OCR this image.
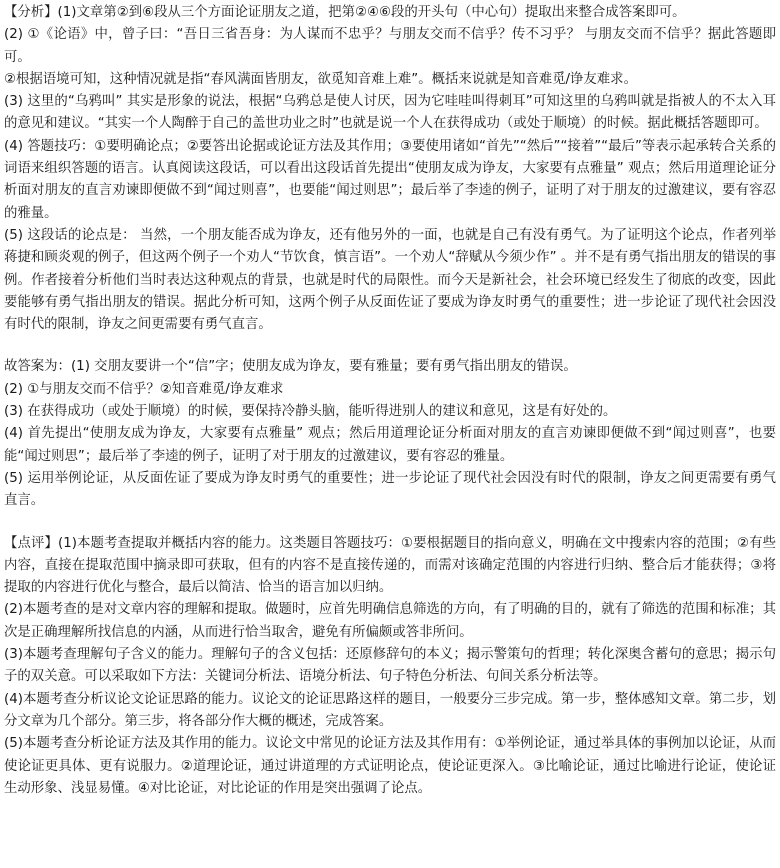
【分析】(1)文章第②到⑥段从三个方面论证朋友之道，把第②④⑥段的开头句（中心句）提取出来整合成答案即可。

(2) ①《论语》中，曾子曰：“吾日三省吾身：为人谋而不忠乎？与朋友交而不信乎？传不习乎？ 与朋友交而不信乎？据此答题即可。

②根据语境可知，这种情况就是指“春风满面皆朋友，欲觅知音难上难”。概括来说就是知音难觅/诤友难求。

(3) 这里的“乌鸦叫” 其实是形象的说法，根据“乌鸦总是使人讨厌，因为它哇哇叫得刺耳”可知这里的乌鸦叫就是指被人的不太入耳的意见和建议。“其实一个人陶醉于自己的盖世功业之时”也就是说一个人在获得成功（或处于顺境）的时候。据此概括答题即可。

(4) 答题技巧：①要明确论点；②要答出论据或论证方法及其作用；③要使用诸如“首先”“然后”“接着”“最后”等表示起承转合关系的词语来组织答题的语言。认真阅读这段话，可以看出这段话首先提出“使朋友成为诤友，大家要有点雅量” 观点；然后用道理论证分析面对朋友的直言劝谏即便做不到“闻过则喜”，也要能“闻过则思”；最后举了李逵的例子，证明了对于朋友的过激建议，要有容忍的雅量。

(5) 这段话的论点是： 当然，一个朋友能否成为诤友，还有他另外的一面，也就是自己有没有勇气。为了证明这个论点，作者列举蒋捷和顾炎观的例子，但这两个例子一个劝人“节饮食，慎言语”。一个劝人“辞赋从今须少作” 。并不是有勇气指出朋友的错误的事例。作者接着分析他们当时表达这种观点的背景，也就是时代的局限性。而今天是新社会，社会环境已经发生了彻底的改变，因此要能够有勇气指出朋友的错误。据此分析可知，这两个例子从反面佐证了要成为诤友时勇气的重要性；进一步论证了现代社会因没有时代的限制，诤友之间更需要有勇气直言。

故答案为：(1) 交朋友要讲一个“信”字；使朋友成为诤友，要有雅量；要有勇气指出朋友的错误。

(2) ①与朋友交而不信乎？②知音难觅/诤友难求

(3) 在获得成功（或处于顺境）的时候，要保持冷静头脑，能听得进别人的建议和意见，这是有好处的。

(4) 首先提出“使朋友成为诤友，大家要有点雅量” 观点；然后用道理论证分析面对朋友的直言劝谏即便做不到“闻过则喜”，也要能“闻过则思”；最后举了李逵的例子，证明了对于朋友的过激建议，要有容忍的雅量。

(5) 运用举例论证，从反面佐证了要成为诤友时勇气的重要性；进一步论证了现代社会因没有时代的限制，诤友之间更需要有勇气直言。

【点评】(1)本题考查提取并概括内容的能力。这类题目答题技巧：①要根据题目的指向意义，明确在文中搜索内容的范围；②有些内容，直接在提取范围中摘录即可获取，但有的内容不是直接传递的，而需对该确定范围的内容进行归纳、整合后才能获得；③将提取的内容进行优化与整合，最后以简洁、恰当的语言加以归纳。

(2)本题考查的是对文章内容的理解和提取。做题时，应首先明确信息筛选的方向，有了明确的目的，就有了筛选的范围和标准；其次是正确理解所找信息的内涵，从而进行恰当取舍，避免有所偏颇或答非所问。

(3)本题考查理解句子含义的能力。理解句子的含义包括：还原修辞句的本义；揭示警策句的哲理；转化深奥含蓄句的意思；揭示句子的双关意。可以采取如下方法：关键词分析法、语境分析法、句子特色分析法、句间关系分析法等。

(4)本题考查分析议论文论证思路的能力。议论文的论证思路这样的题目，一般要分三步完成。第一步，整体感知文章。第二步，划分文章为几个部分。第三步，将各部分作大概的概述，完成答案。

(5)本题考查分析论证方法及其作用的能力。议论文中常见的论证方法及其作用有：①举例论证，通过举具体的事例加以论证，从而使论证更具体、更有说服力。②道理论证，通过讲道理的方式证明论点，使论证更深入。③比喻论证，通过比喻进行论证，使论证生动形象、浅显易懂。④对比论证，对比论证的作用是突出强调了论点。
